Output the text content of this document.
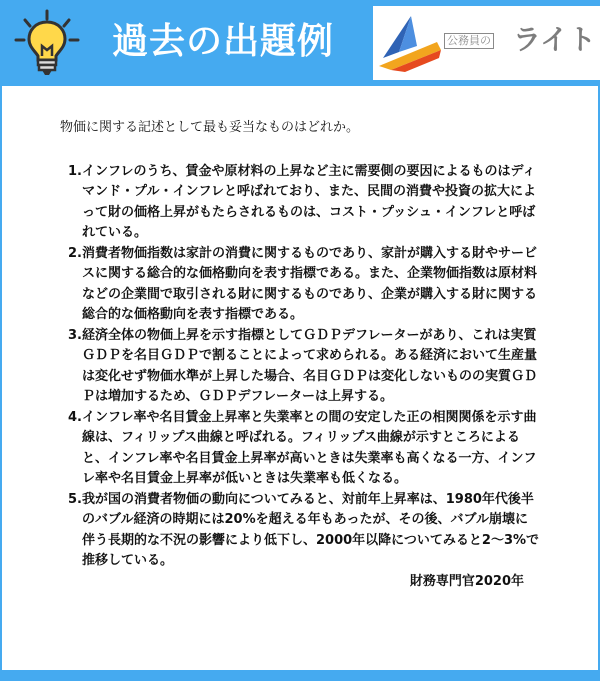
過去の出題例	公務員の ライト

物価に関する記述として最も妥当なものはどれか。

1. インフレのうち、賃金や原材料の上昇など主に需要側の要因によるものはディマンド・プル・インフレと呼ばれており、また、民間の消費や投資の拡大によって財の価格上昇がもたらされるものは、コスト・プッシュ・インフレと呼ばれている。
2. 消費者物価指数は家計の消費に関するものであり、家計が購入する財やサービスに関する総合的な価格動向を表す指標である。また、企業物価指数は原材料などの企業間で取引される財に関するものであり、企業が購入する財に関する総合的な価格動向を表す指標である。
3. 経済全体の物価上昇を示す指標としてＧＤＰデフレーターがあり、これは実質ＧＤＰを名目ＧＤＰで割ることによって求められる。ある経済において生産量は変化せず物価水準が上昇した場合、名目ＧＤＰは変化しないものの実質ＧＤＰは増加するため、ＧＤＰデフレーターは上昇する。
4. インフレ率や名目賃金上昇率と失業率との間の安定した正の相関関係を示す曲線は、フィリップス曲線と呼ばれる。フィリップス曲線が示すところによると、インフレ率や名目賃金上昇率が高いときは失業率も高くなる一方、インフレ率や名目賃金上昇率が低いときは失業率も低くなる。
5. 我が国の消費者物価の動向についてみると、対前年上昇率は、1980年代後半のバブル経済の時期には20%を超える年もあったが、その後、バブル崩壊に伴う長期的な不況の影響により低下し、2000年以降についてみると2～3%で推移している。
財務専門官2020年
